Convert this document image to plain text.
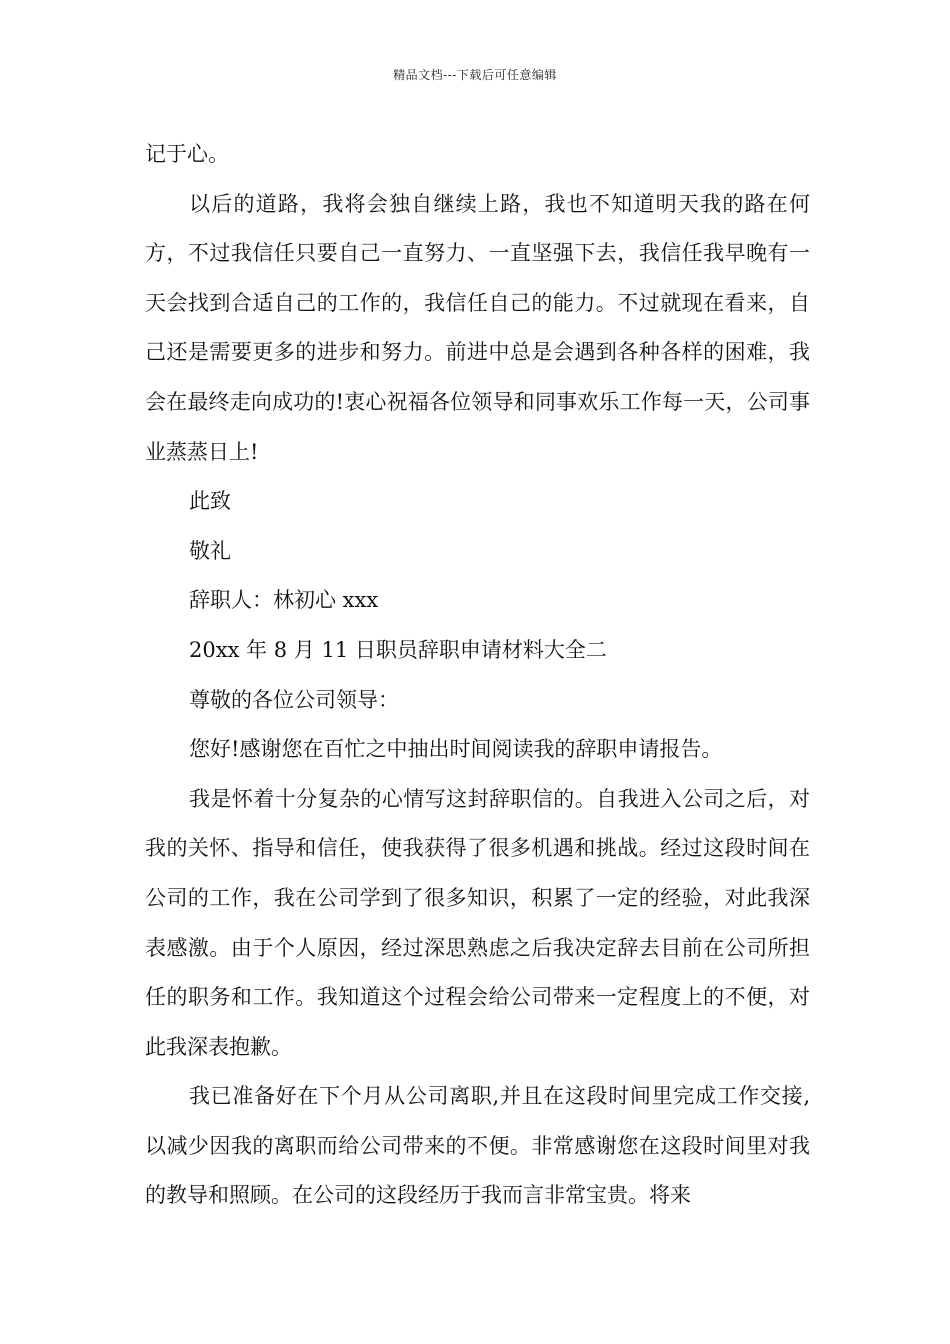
精品文档---下载后可任意编辑

记于心。

以后的道路，我将会独自继续上路，我也不知道明天我的路在何方，不过我信任只要自己一直努力、一直坚强下去，我信任我早晚有一天会找到合适自己的工作的，我信任自己的能力。不过就现在看来，自己还是需要更多的进步和努力。前进中总是会遇到各种各样的困难，我会在最终走向成功的!衷心祝福各位领导和同事欢乐工作每一天，公司事业蒸蒸日上!

此致

敬礼

辞职人：林初心 xxx

20xx 年 8 月 11 日职员辞职申请材料大全二

尊敬的各位公司领导：

您好!感谢您在百忙之中抽出时间阅读我的辞职申请报告。

我是怀着十分复杂的心情写这封辞职信的。自我进入公司之后，对我的关怀、指导和信任，使我获得了很多机遇和挑战。经过这段时间在公司的工作，我在公司学到了很多知识，积累了一定的经验，对此我深表感激。由于个人原因，经过深思熟虑之后我决定辞去目前在公司所担任的职务和工作。我知道这个过程会给公司带来一定程度上的不便，对此我深表抱歉。

我已准备好在下个月从公司离职,并且在这段时间里完成工作交接,以减少因我的离职而给公司带来的不便。非常感谢您在这段时间里对我的教导和照顾。在公司的这段经历于我而言非常宝贵。将来
